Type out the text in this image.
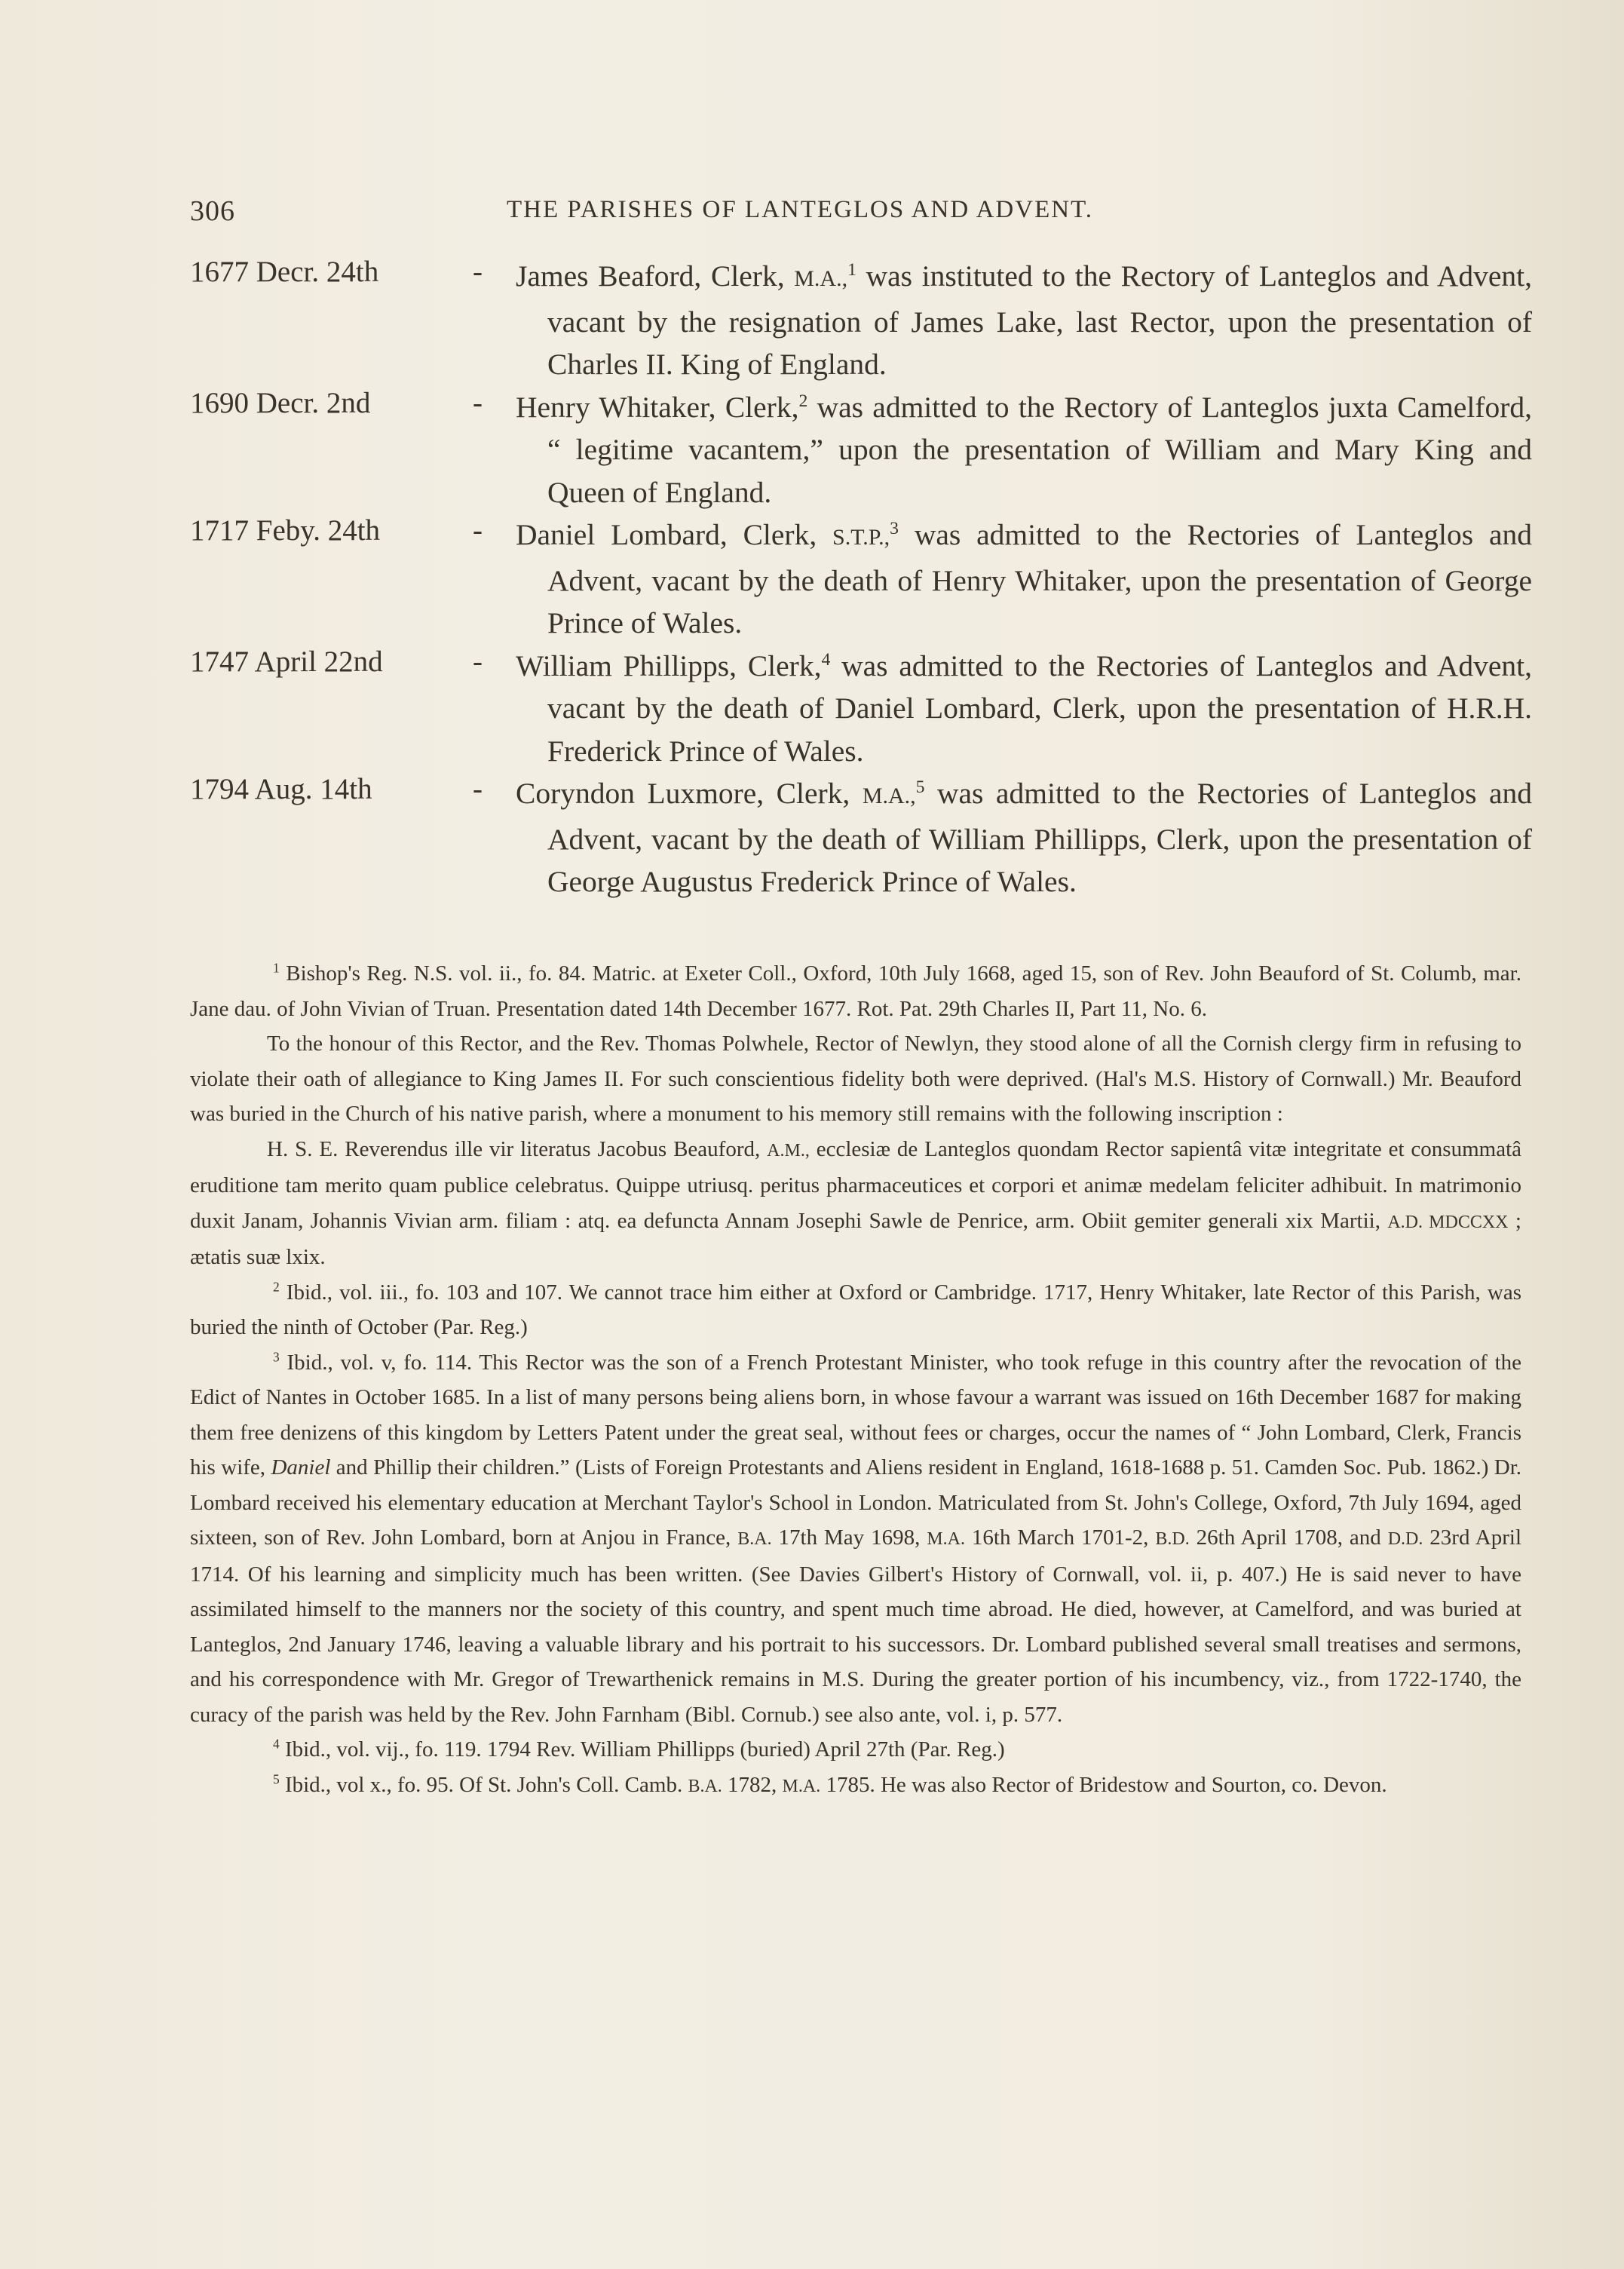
306	THE PARISHES OF LANTEGLOS AND ADVENT.
1677 Decr. 24th	- James Beaford, Clerk, M.A.,$^1$ was instituted to the Rectory of Lanteglos and Advent, vacant by the resignation of James Lake, last Rector, upon the presentation of Charles II. King of England.

1690 Decr. 2nd	- Henry Whitaker, Clerk,$^2$ was admitted to the Rectory of Lanteglos juxta Camelford, “ legitime vacantem,” upon the presentation of William and Mary King and Queen of England.

1717 Feby. 24th	- Daniel Lombard, Clerk, S.T.P.,$^3$ was admitted to the Rectories of Lanteglos and Advent, vacant by the death of Henry Whitaker, upon the presentation of George Prince of Wales.

1747 April 22nd	- William Phillipps, Clerk,$^4$ was admitted to the Rectories of Lanteglos and Advent, vacant by the death of Daniel Lombard, Clerk, upon the presentation of H.R.H. Frederick Prince of Wales.

1794 Aug. 14th	- Coryndon Luxmore, Clerk, M.A.,$^5$ was admitted to the Rectories of Lanteglos and Advent, vacant by the death of William Phillipps, Clerk, upon the presentation of George Augustus Frederick Prince of Wales.

$^1$ Bishop's Reg. N.S. vol. ii., fo. 84. Matric. at Exeter Coll., Oxford, 10th July 1668, aged 15, son of Rev. John Beauford of St. Columb, mar. Jane dau. of John Vivian of Truan. Presentation dated 14th December 1677. Rot. Pat. 29th Charles II, Part 11, No. 6.

To the honour of this Rector, and the Rev. Thomas Polwhele, Rector of Newlyn, they stood alone of all the Cornish clergy firm in refusing to violate their oath of allegiance to King James II. For such conscientious fidelity both were deprived. (Hal's M.S. History of Cornwall.) Mr. Beauford was buried in the Church of his native parish, where a monument to his memory still remains with the following inscription :

H. S. E. Reverendus ille vir literatus Jacobus Beauford, A.M., ecclesiæ de Lanteglos quondam Rector sapientâ vitæ integritate et consummatâ eruditione tam merito quam publice celebratus. Quippe utriusq. peritus pharmaceutices et corpori et animæ medelam feliciter adhibuit. In matrimonio duxit Janam, Johannis Vivian arm. filiam : atq. ea defuncta Annam Josephi Sawle de Penrice, arm. Obiit gemiter generali xix Martii, A.D. MDCCXX ; ætatis suæ lxix.

$^2$ Ibid., vol. iii., fo. 103 and 107. We cannot trace him either at Oxford or Cambridge. 1717, Henry Whitaker, late Rector of this Parish, was buried the ninth of October (Par. Reg.)

$^3$ Ibid., vol. v, fo. 114. This Rector was the son of a French Protestant Minister, who took refuge in this country after the revocation of the Edict of Nantes in October 1685. In a list of many persons being aliens born, in whose favour a warrant was issued on 16th December 1687 for making them free denizens of this kingdom by Letters Patent under the great seal, without fees or charges, occur the names of “ John Lombard, Clerk, Francis his wife, Daniel and Phillip their children.” (Lists of Foreign Protestants and Aliens resident in England, 1618-1688 p. 51. Camden Soc. Pub. 1862.) Dr. Lombard received his elementary education at Merchant Taylor's School in London. Matriculated from St. John's College, Oxford, 7th July 1694, aged sixteen, son of Rev. John Lombard, born at Anjou in France, B.A. 17th May 1698, M.A. 16th March 1701-2, B.D. 26th April 1708, and D.D. 23rd April 1714. Of his learning and simplicity much has been written. (See Davies Gilbert's History of Cornwall, vol. ii, p. 407.) He is said never to have assimilated himself to the manners nor the society of this country, and spent much time abroad. He died, however, at Camelford, and was buried at Lanteglos, 2nd January 1746, leaving a valuable library and his portrait to his successors. Dr. Lombard published several small treatises and sermons, and his correspondence with Mr. Gregor of Trewarthenick remains in M.S. During the greater portion of his incumbency, viz., from 1722-1740, the curacy of the parish was held by the Rev. John Farnham (Bibl. Cornub.) see also ante, vol. i, p. 577.

$^4$ Ibid., vol. vij., fo. 119. 1794 Rev. William Phillipps (buried) April 27th (Par. Reg.)

$^5$ Ibid., vol x., fo. 95. Of St. John's Coll. Camb. B.A. 1782, M.A. 1785. He was also Rector of Bridestow and Sourton, co. Devon.
